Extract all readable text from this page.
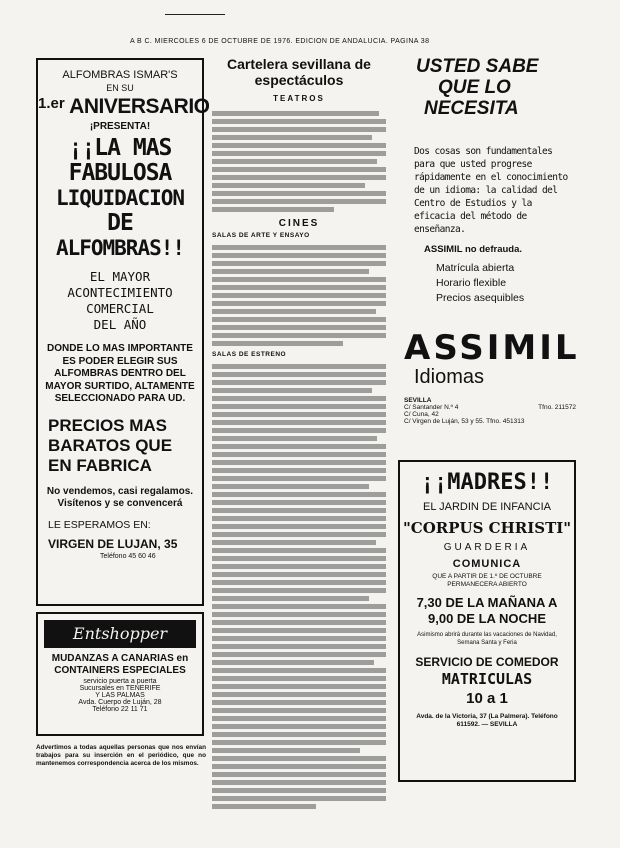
A B C. MIERCOLES 6 DE OCTUBRE DE 1976. EDICION DE ANDALUCIA. PAGINA 38
ALFOMBRAS ISMAR'S
EN SU
1.er ANIVERSARIO
¡PRESENTA!
¡¡LA MAS
FABULOSA
LIQUIDACION
DE
ALFOMBRAS!!
EL MAYOR
ACONTECIMIENTO
COMERCIAL
DEL AÑO
DONDE LO MAS IMPORTANTE ES PODER ELEGIR SUS ALFOMBRAS DENTRO DEL MAYOR SURTIDO, ALTAMENTE SELECCIONADO PARA UD.
PRECIOS MAS
BARATOS QUE
EN FABRICA
No vendemos, casi regalamos. Visítenos y se convencerá
LE ESPERAMOS EN:
VIRGEN DE LUJAN, 35
Teléfono 45 60 46
Entshopper
MUDANZAS A CANARIAS en
CONTAINERS ESPECIALES
servicio puerta a puerta
Sucursales en TENERIFE
Y LAS PALMAS
Avda. Cuerpo de Luján, 28
Teléfono 22 11 71
Advertimos a todas aquellas personas que nos envían trabajos para su inserción en el periódico, que no mantenemos correspondencia acerca de los mismos.
Cartelera sevillana de
espectáculos
TEATROS
CINES
SALAS DE ARTE Y ENSAYO
SALAS DE ESTRENO
USTED SABE
QUE LO
NECESITA
Dos cosas son fundamentales para que usted progrese rápidamente en el conocimiento de un idioma: la calidad del Centro de Estudios y la eficacia del método de enseñanza.
ASSIMIL no defrauda.
Matrícula abierta
Horario flexible
Precios asequibles
ASSIMIL
Idiomas
SEVILLA
C/ Santander N.º 4	Tfno. 211572
C/ Cuna, 42
C/ Virgen de Luján, 53 y 55. Tfno. 451313
¡¡MADRES!!
EL JARDIN DE INFANCIA
"CORPUS CHRISTI"
GUARDERIA
COMUNICA
QUE A PARTIR DE 1.º DE OCTUBRE PERMANECERA ABIERTO
7,30 DE LA MAÑANA A
9,00 DE LA NOCHE
Asimismo abrirá durante las vacaciones de Navidad, Semana Santa y Feria
SERVICIO DE COMEDOR
MATRICULAS
10 a 1
Avda. de la Victoria, 37 (La Palmera). Teléfono 611592. — SEVILLA
